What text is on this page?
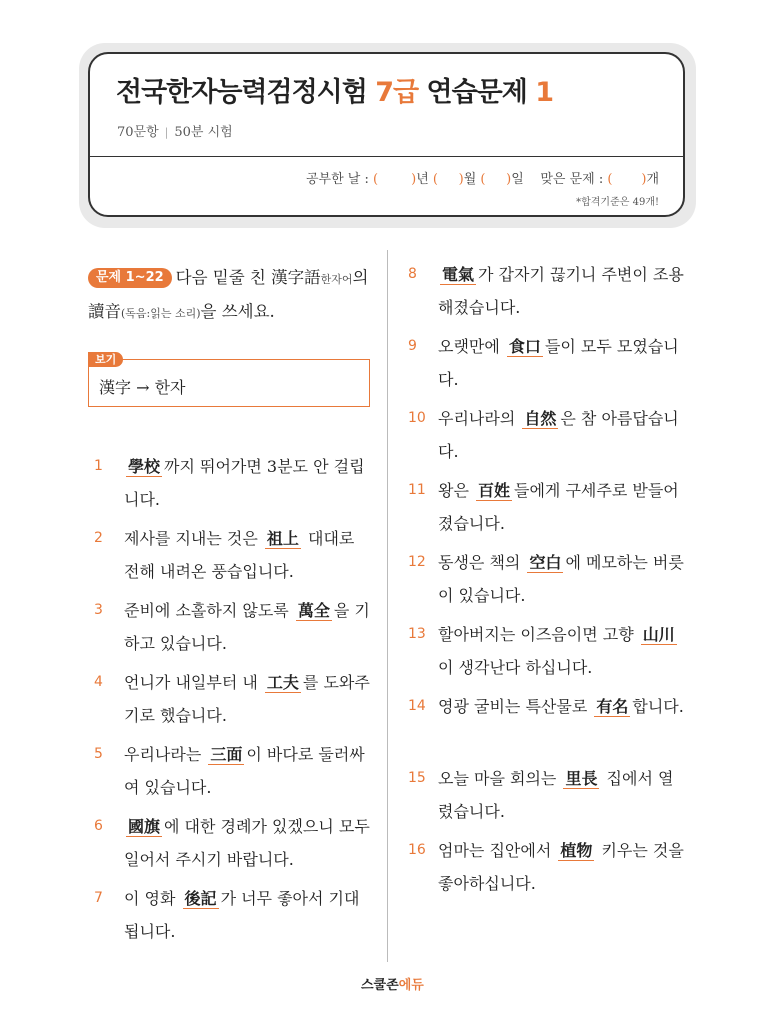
전국한자능력검정시험 7급 연습문제 1
70문항 | 50분 시험
공부한 날 : (        )년 (     )월 (     )일 맞은 문제 : (       )개
*합격기준은 49개!
문제 1~22 다음 밑줄 친 漢字語한자어의 讀音(독음:읽는 소리)을 쓰세요.
보기
漢字 → 한자
1	學校 까지 뛰어가면 3분도 안 걸립니다.
2	제사를 지내는 것은 祖上 대대로 전해 내려온 풍습입니다.
3	준비에 소홀하지 않도록 萬全 을 기하고 있습니다.
4	언니가 내일부터 내 工夫 를 도와주기로 했습니다.
5	우리나라는 三面 이 바다로 둘러싸여 있습니다.
6	國旗 에 대한 경례가 있겠으니 모두 일어서 주시기 바랍니다.
7	이 영화 後記 가 너무 좋아서 기대됩니다.
8	電氣 가 갑자기 끊기니 주변이 조용해졌습니다.
9	오랫만에 食口 들이 모두 모였습니다.
10 우리나라의 自然 은 참 아름답습니다.
11 왕은 百姓 들에게 구세주로 받들어졌습니다.
12 동생은 책의 空白 에 메모하는 버릇이 있습니다.
13 할아버지는 이즈음이면 고향 山川이 생각난다 하십니다.
14 영광 굴비는 특산물로 有名 합니다.
15 오늘 마을 회의는 里長 집에서 열렸습니다.
16 엄마는 집안에서 植物 키우는 것을 좋아하십니다.
스쿨존에듀
